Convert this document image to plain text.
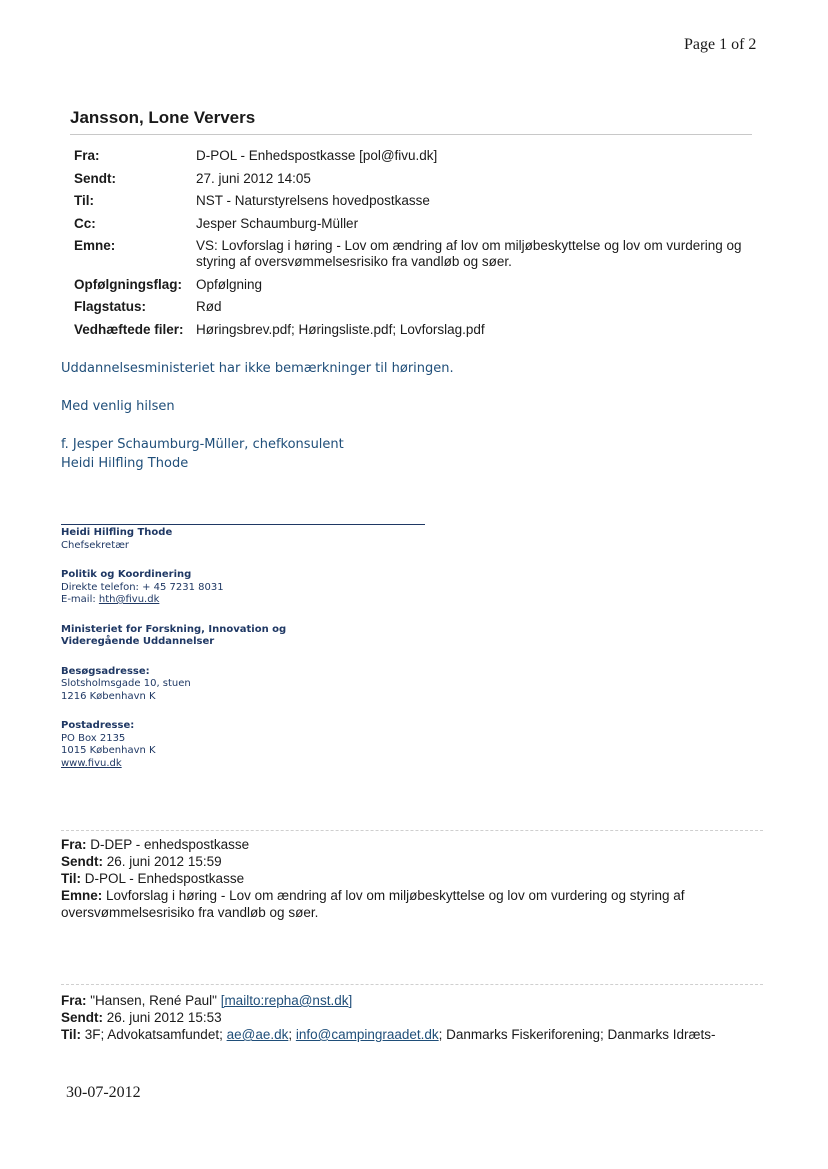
Page 1 of 2
Jansson, Lone Ververs
Fra:	D-POL - Enhedspostkasse [pol@fivu.dk]
Sendt:	27. juni 2012 14:05
Til:	NST - Naturstyrelsens hovedpostkasse
Cc:	Jesper Schaumburg-Müller
Emne:	VS: Lovforslag i høring - Lov om ændring af lov om miljøbeskyttelse og lov om vurdering og styring af oversvømmelsesrisiko fra vandløb og søer.
Opfølgningsflag:	Opfølgning
Flagstatus:	Rød
Vedhæftede filer:	Høringsbrev.pdf; Høringsliste.pdf; Lovforslag.pdf
Uddannelsesministeriet har ikke bemærkninger til høringen.
Med venlig hilsen
f. Jesper Schaumburg-Müller, chefkonsulent
Heidi Hilfling Thode
Heidi Hilfling Thode
Chefsekretær
Politik og Koordinering
Direkte telefon: + 45 7231 8031
E-mail: hth@fivu.dk
Ministeriet for Forskning, Innovation og
Videregående Uddannelser
Besøgsadresse:
Slotsholmsgade 10, stuen
1216 København K
Postadresse:
PO Box 2135
1015 København K
www.fivu.dk
Fra: D-DEP - enhedspostkasse
Sendt: 26. juni 2012 15:59
Til: D-POL - Enhedspostkasse
Emne: Lovforslag i høring - Lov om ændring af lov om miljøbeskyttelse og lov om vurdering og styring af oversvømmelsesrisiko fra vandløb og søer.
Fra: "Hansen, René Paul" [mailto:repha@nst.dk]
Sendt: 26. juni 2012 15:53
Til: 3F; Advokatsamfundet; ae@ae.dk; info@campingraadet.dk; Danmarks Fiskeriforening; Danmarks Idræts-
30-07-2012
